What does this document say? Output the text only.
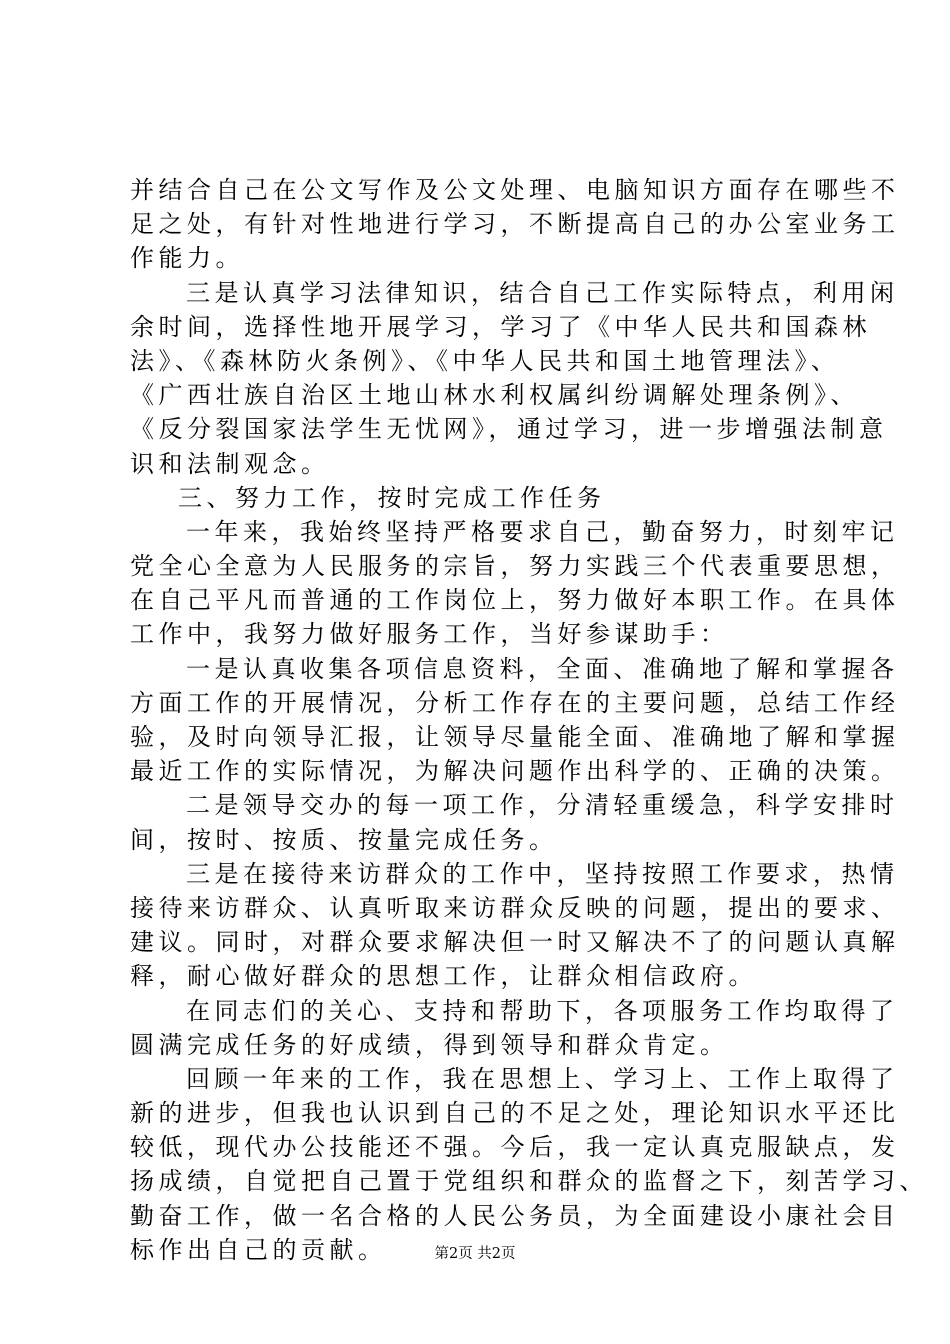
并结合自己在公文写作及公文处理、电脑知识方面存在哪些不
足之处，有针对性地进行学习，不断提高自己的办公室业务工
作能力。
三是认真学习法律知识，结合自己工作实际特点，利用闲
余时间，选择性地开展学习，学习了《中华人民共和国森林
法》、《森林防火条例》、《中华人民共和国土地管理法》、
《广西壮族自治区土地山林水利权属纠纷调解处理条例》、
《反分裂国家法学生无忧网》，通过学习，进一步增强法制意
识和法制观念。
三、努力工作，按时完成工作任务
一年来，我始终坚持严格要求自己，勤奋努力，时刻牢记
党全心全意为人民服务的宗旨，努力实践三个代表重要思想，
在自己平凡而普通的工作岗位上，努力做好本职工作。在具体
工作中，我努力做好服务工作，当好参谋助手：
一是认真收集各项信息资料，全面、准确地了解和掌握各
方面工作的开展情况，分析工作存在的主要问题，总结工作经
验，及时向领导汇报，让领导尽量能全面、准确地了解和掌握
最近工作的实际情况，为解决问题作出科学的、正确的决策。
二是领导交办的每一项工作，分清轻重缓急，科学安排时
间，按时、按质、按量完成任务。
三是在接待来访群众的工作中，坚持按照工作要求，热情
接待来访群众、认真听取来访群众反映的问题，提出的要求、
建议。同时，对群众要求解决但一时又解决不了的问题认真解
释，耐心做好群众的思想工作，让群众相信政府。
在同志们的关心、支持和帮助下，各项服务工作均取得了
圆满完成任务的好成绩，得到领导和群众肯定。
回顾一年来的工作，我在思想上、学习上、工作上取得了
新的进步，但我也认识到自己的不足之处，理论知识水平还比
较低，现代办公技能还不强。今后，我一定认真克服缺点，发
扬成绩，自觉把自己置于党组织和群众的监督之下，刻苦学习、
勤奋工作，做一名合格的人民公务员，为全面建设小康社会目
标作出自己的贡献。	第2页 共2页
